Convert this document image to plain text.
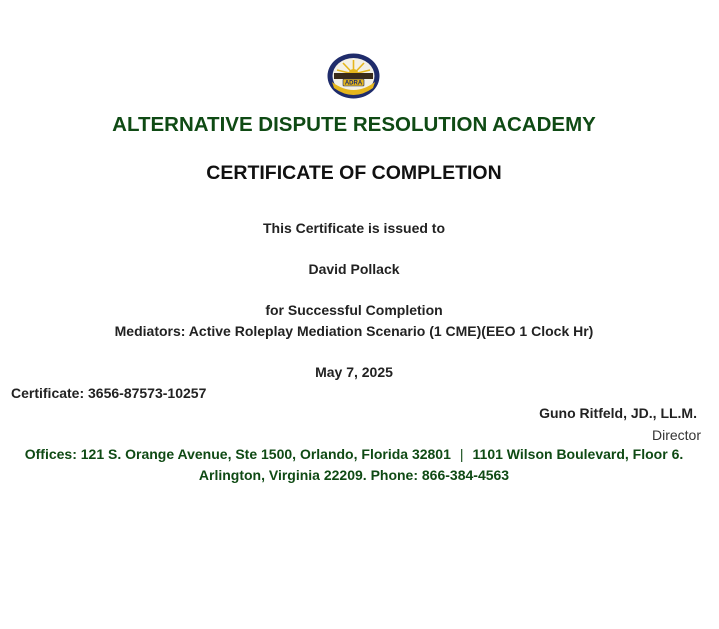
ADRA
ALTERNATIVE DISPUTE RESOLUTION ACADEMY
CERTIFICATE OF COMPLETION
This Certificate is issued to
David Pollack
for Successful Completion
Mediators: Active Roleplay Mediation Scenario (1 CME)(EEO 1 Clock Hr)
May 7, 2025
Certificate: 3656-87573-10257
Guno Ritfeld, JD., LL.M.
Director
Offices: 121 S. Orange Avenue, Ste 1500, Orlando, Florida 32801 | 1101 Wilson Boulevard, Floor 6.
Arlington, Virginia 22209. Phone: 866-384-4563
